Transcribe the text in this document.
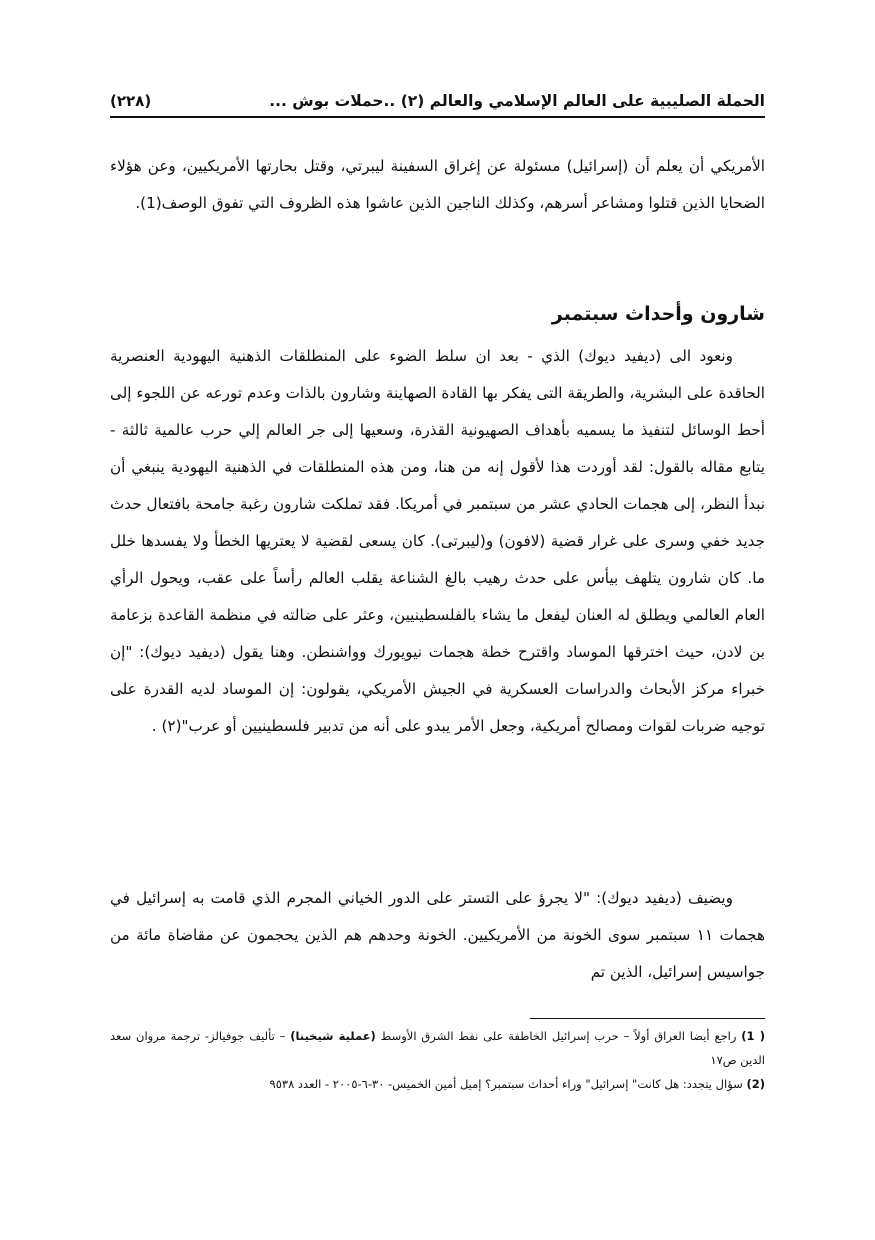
الحملة الصليبية على العالم الإسلامي والعالم (٢) ..حملات بوش ...
(٢٢٨)

الأمريكي أن يعلم أن (إسرائيل) مسئولة عن إغراق السفينة ليبرتي، وقتل بحارتها الأمريكيين، وعن هؤلاء الضحايا الذين قتلوا ومشاعر أسرهم، وكذلك الناجين الذين عاشوا هذه الظروف التي تفوق الوصف(1).

شارون وأحداث سبتمبر

ونعود الى (ديفيد ديوك) الذي - بعد ان سلط الضوء على المنطلقات الذهنية اليهودية العنصرية الحاقدة على البشرية، والطريقة التى يفكر بها القادة الصهاينة وشارون بالذات وعدم تورعه عن اللجوء إلى أحط الوسائل لتنفيذ ما يسميه بأهداف الصهيونية القذرة، وسعيها إلى جر العالم إلي حرب عالمية ثالثة - يتابع مقاله بالقول: لقد أوردت هذا لأقول إنه من هنا، ومن هذه المنطلقات في الذهنية اليهودية ينبغي أن نبدأ النظر، إلى هجمات الحادي عشر من سبتمبر في أمريكا. فقد تملكت شارون رغبة جامحة بافتعال حدث جديد خفي وسرى على غرار قضية (لافون) و(ليبرتى). كان يسعى لقضية لا يعتريها الخطأ ولا يفسدها خلل ما. كان شارون يتلهف بيأس على حدث رهيب بالغ الشناعة يقلب العالم رأساً على عقب، ويحول الرأي العام العالمي ويطلق له العنان ليفعل ما يشاء بالفلسطينيين، وعثر على ضالته في منظمة القاعدة بزعامة بن لادن، حيث اخترقها الموساد واقترح خطة هجمات نيويورك وواشنطن. وهنا يقول (ديفيد ديوك): "إن خبراء مركز الأبحاث والدراسات العسكرية في الجيش الأمريكي، يقولون: إن الموساد لديه القدرة على توجيه ضربات لقوات ومصالح أمريكية، وجعل الأمر يبدو على أنه من تدبير فلسطينيين أو عرب"(٢) .

ويضيف (ديفيد ديوك): "لا يجرؤ على التستر على الدور الخياني المجرم الذي قامت به إسرائيل في هجمات ١١ سبتمبر سوى الخونة من الأمريكيين. الخونة وحدهم هم الذين يحجمون عن مقاضاة مائة من جواسيس إسرائيل، الذين تم

( 1) راجع أيضا العراق أولاً – حرب إسرائيل الخاطفة على نفط الشرق الأوسط (عملية شيخينا) – تأليف جوفيالز- ترجمة مروان سعد الدين ص١٧

(2) سؤال يتجدد: هل كانت" إسرائيل" وراء أحداث سبتمبر؟ إميل أمين الخميس- ٣٠-٦-٢٠٠٥ - العدد ٩٥٣٨
